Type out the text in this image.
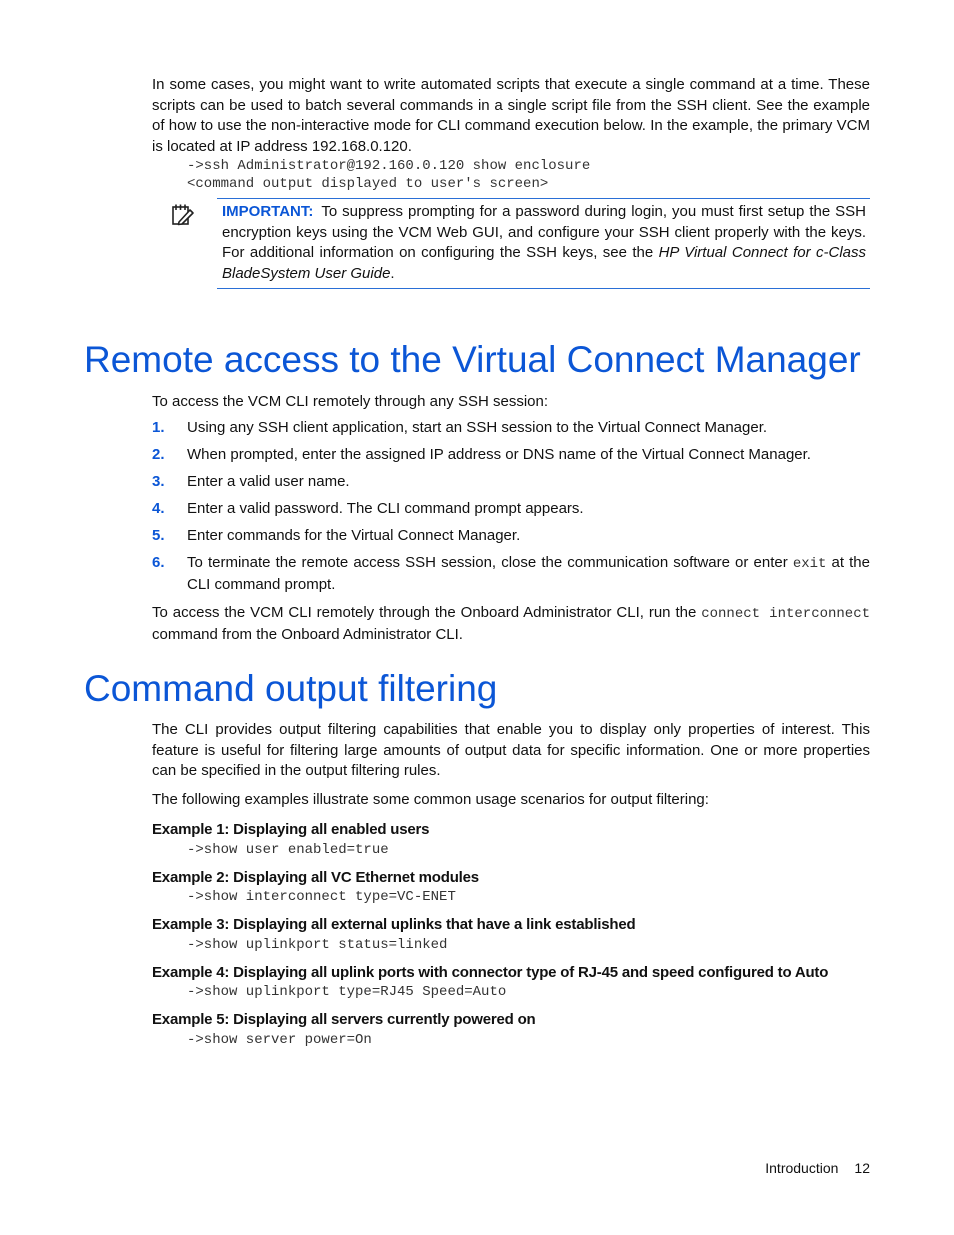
In some cases, you might want to write automated scripts that execute a single command at a time. These scripts can be used to batch several commands in a single script file from the SSH client. See the example of how to use the non-interactive mode for CLI command execution below. In the example, the primary VCM is located at IP address 192.168.0.120.
->ssh Administrator@192.160.0.120 show enclosure
<command output displayed to user's screen>
IMPORTANT: To suppress prompting for a password during login, you must first setup the SSH encryption keys using the VCM Web GUI, and configure your SSH client properly with the keys. For additional information on configuring the SSH keys, see the HP Virtual Connect for c-Class BladeSystem User Guide.
Remote access to the Virtual Connect Manager
To access the VCM CLI remotely through any SSH session:
1. Using any SSH client application, start an SSH session to the Virtual Connect Manager.
2. When prompted, enter the assigned IP address or DNS name of the Virtual Connect Manager.
3. Enter a valid user name.
4. Enter a valid password. The CLI command prompt appears.
5. Enter commands for the Virtual Connect Manager.
6. To terminate the remote access SSH session, close the communication software or enter exit at the CLI command prompt.
To access the VCM CLI remotely through the Onboard Administrator CLI, run the connect interconnect command from the Onboard Administrator CLI.
Command output filtering
The CLI provides output filtering capabilities that enable you to display only properties of interest. This feature is useful for filtering large amounts of output data for specific information. One or more properties can be specified in the output filtering rules.
The following examples illustrate some common usage scenarios for output filtering:
Example 1: Displaying all enabled users
->show user enabled=true
Example 2: Displaying all VC Ethernet modules
->show interconnect type=VC-ENET
Example 3: Displaying all external uplinks that have a link established
->show uplinkport status=linked
Example 4: Displaying all uplink ports with connector type of RJ-45 and speed configured to Auto
->show uplinkport type=RJ45 Speed=Auto
Example 5: Displaying all servers currently powered on
->show server power=On
Introduction 12
